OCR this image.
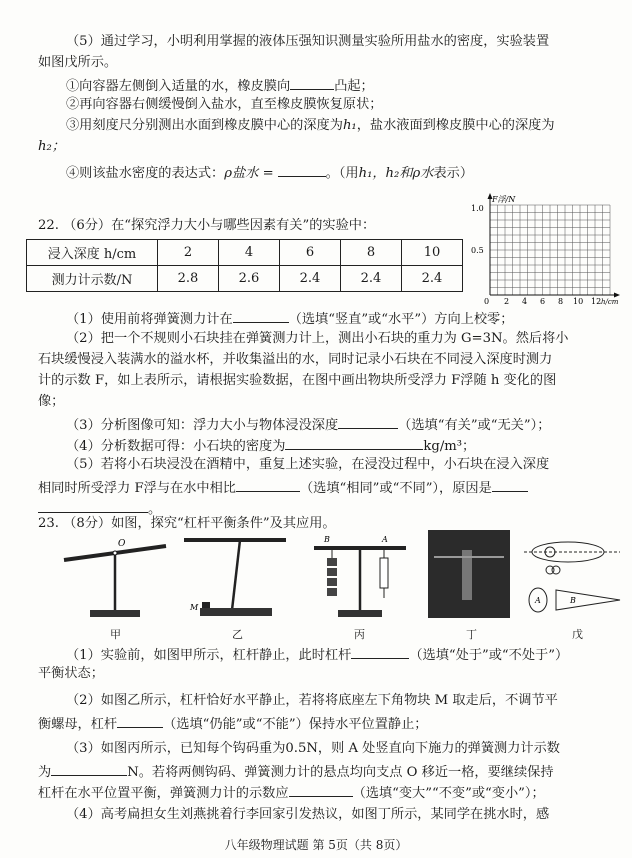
（5）通过学习，小明利用掌握的液体压强知识测量实验所用盐水的密度，实验装置
如图戊所示。
①向容器左侧倒入适量的水，橡皮膜向	凸起；
②再向容器右侧缓慢倒入盐水，直至橡皮膜恢复原状；
③用刻度尺分别测出水面到橡皮膜中心的深度为h₁，盐水液面到橡皮膜中心的深度为
h₂；
④则该盐水密度的表达式：ρ盐水 =	。（用h₁，h₂和ρ水表示）
22. （6分）在“探究浮力大小与哪些因素有关”的实验中：
浸入深度 h/cm	2	4	6	8	10
测力计示数/N	2.8	2.6	2.4	2.4	2.4
F浮/N
1.0
0.5
0 2 4 6 8 10 12 h/cm
（1）使用前将弹簧测力计在	（选填“竖直”或“水平”）方向上校零；
（2）把一个不规则小石块挂在弹簧测力计上，测出小石块的重力为 G=3N。然后将小
石块缓慢浸入装满水的溢水杯，并收集溢出的水，同时记录小石块在不同浸入深度时测力
计的示数 F，如上表所示，请根据实验数据，在图中画出物块所受浮力 F浮随 h 变化的图
像；
（3）分析图像可知：浮力大小与物体浸没深度	（选填“有关”或“无关”）；
（4）分析数据可得：小石块的密度为	kg/m³；
（5）若将小石块浸没在酒精中，重复上述实验，在浸没过程中，小石块在浸入深度
相同时所受浮力 F浮与在水中相比	（选填“相同”或“不同”），原因是
。
23. （8分）如图，探究“杠杆平衡条件”及其应用。
O
M
B	A
A	B
甲	乙	丙	丁	戊
（1）实验前，如图甲所示，杠杆静止，此时杠杆	（选填“处于”或“不处于”）
平衡状态；
（2）如图乙所示，杠杆恰好水平静止，若将将底座左下角物块 M 取走后，不调节平
衡螺母，杠杆	（选填“仍能”或“不能”）保持水平位置静止；
（3）如图丙所示，已知每个钩码重为0.5N，则 A 处竖直向下施力的弹簧测力计示数
为	N。若将两侧钩码、弹簧测力计的悬点均向支点 O 移近一格，要继续保持
杠杆在水平位置平衡，弹簧测力计的示数应	（选填“变大”“不变”或“变小”）；
（4）高考扁担女生刘燕挑着行李回家引发热议，如图丁所示，某同学在挑水时，感
八年级物理试题 第 5页（共 8页）
